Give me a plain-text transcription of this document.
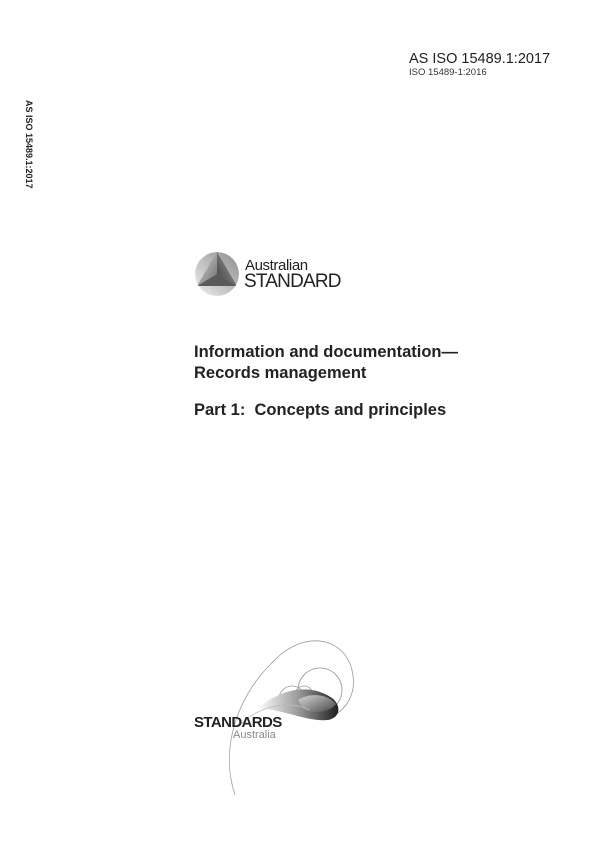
AS ISO 15489.1:2017
ISO 15489-1:2016
AS ISO 15489.1:2017
Australian
STANDARD
Information and documentation—
Records management
Part 1:  Concepts and principles
STANDARDS
Australia
